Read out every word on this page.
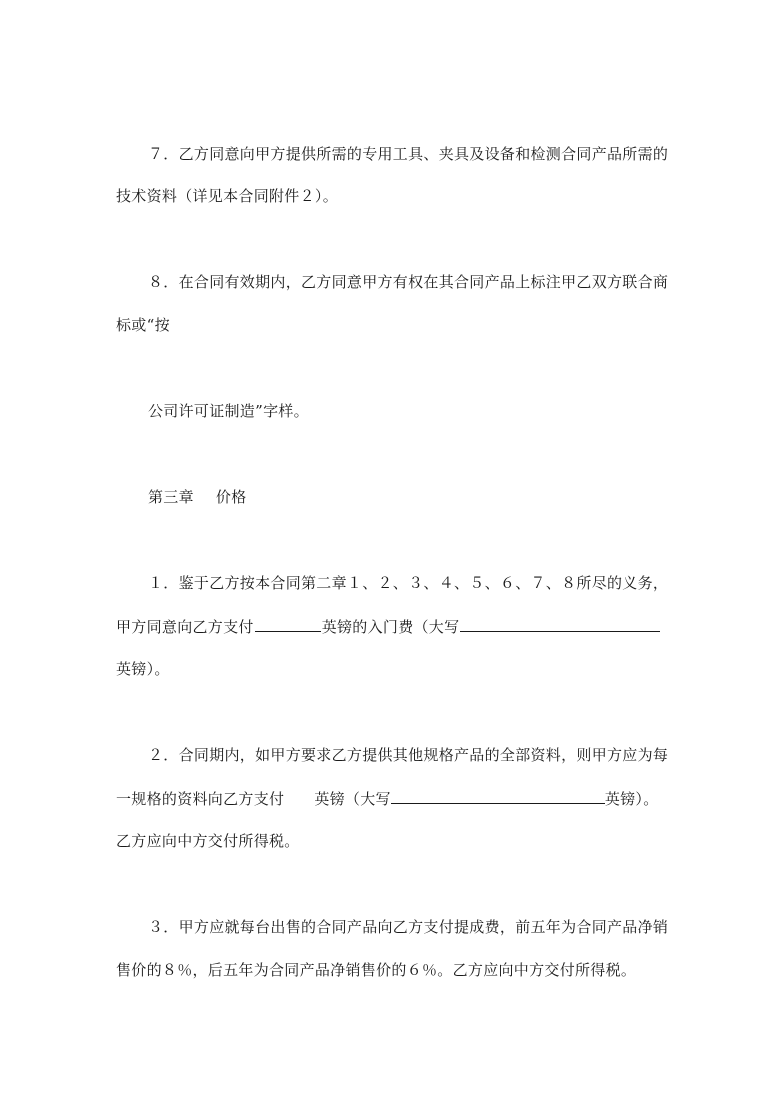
７．乙方同意向甲方提供所需的专用工具、夹具及设备和检测合同产品所需的
技术资料（详见本合同附件２）。
８．在合同有效期内，乙方同意甲方有权在其合同产品上标注甲乙双方联合商
标或“按
公司许可证制造”字样。
第三章 价格
１．鉴于乙方按本合同第二章１、２、３、４、５、６、７、８所尽的义务，
甲方同意向乙方支付	英镑的入门费（大写
英镑）。
２．合同期内，如甲方要求乙方提供其他规格产品的全部资料，则甲方应为每
一规格的资料向乙方支付 英镑（大写	英镑）。
乙方应向中方交付所得税。
３．甲方应就每台出售的合同产品向乙方支付提成费，前五年为合同产品净销
售价的８％，后五年为合同产品净销售价的６％。乙方应向中方交付所得税。
